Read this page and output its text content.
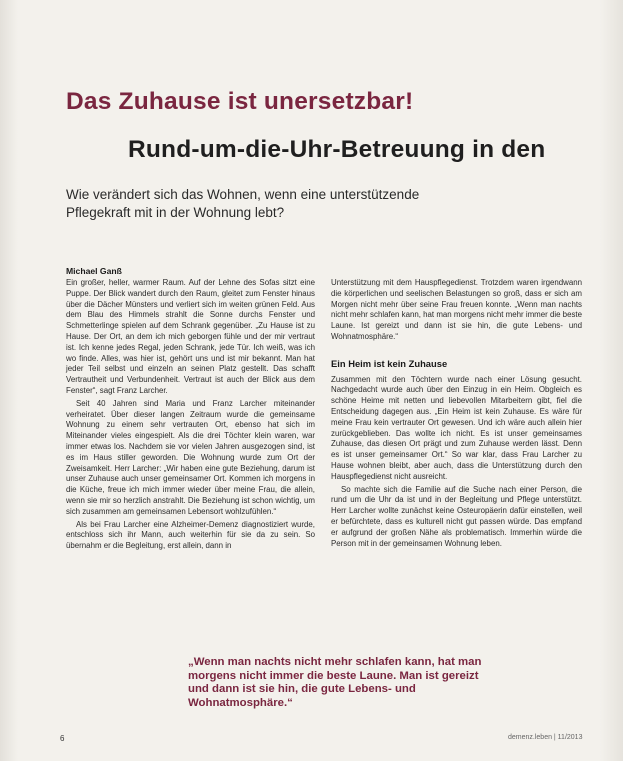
Das Zuhause ist unersetzbar!
Rund-um-die-Uhr-Betreuung in den

Wie verändert sich das Wohnen, wenn eine unterstützende Pflegekraft mit in der Wohnung lebt?

Michael Ganß

Ein großer, heller, warmer Raum. Auf der Lehne des Sofas sitzt eine Puppe. Der Blick wandert durch den Raum, gleitet zum Fenster hinaus über die Dächer Münsters und verliert sich im weiten grünen Feld. Aus dem Blau des Himmels strahlt die Sonne durchs Fenster und Schmetterlinge spielen auf dem Schrank gegenüber. „Zu Hause ist zu Hause. Der Ort, an dem ich mich geborgen fühle und der mir vertraut ist. Ich kenne jedes Regal, jeden Schrank, jede Tür. Ich weiß, was ich wo finde. Alles, was hier ist, gehört uns und ist mir bekannt. Man hat jeder Teil selbst und einzeln an seinen Platz gestellt. Das schafft Vertrautheit und Verbundenheit. Vertraut ist auch der Blick aus dem Fenster“, sagt Franz Larcher.

Seit 40 Jahren sind Maria und Franz Larcher miteinander verheiratet. Über dieser langen Zeitraum wurde die gemeinsame Wohnung zu einem sehr vertrauten Ort, ebenso hat sich im Miteinander vieles eingespielt. Als die drei Töchter klein waren, war immer etwas los. Nachdem sie vor vielen Jahren ausgezogen sind, ist es im Haus stiller geworden. Die Wohnung wurde zum Ort der Zweisamkeit. Herr Larcher: „Wir haben eine gute Beziehung, darum ist unser Zuhause auch unser gemeinsamer Ort. Kommen ich morgens in die Küche, freue ich mich immer wieder über meine Frau, die allein, wenn sie mir so herzlich anstrahlt. Die Beziehung ist schon wichtig, um sich zusammen am gemeinsamen Lebensort wohlzufühlen.“

Als bei Frau Larcher eine Alzheimer-Demenz diagnostiziert wurde, entschloss sich ihr Mann, auch weiterhin für sie da zu sein. So übernahm er die Begleitung, erst allein, dann in

Unterstützung mit dem Hauspflegedienst. Trotzdem waren irgendwann die körperlichen und seelischen Belastungen so groß, dass er sich am Morgen nicht mehr über seine Frau freuen konnte. „Wenn man nachts nicht mehr schlafen kann, hat man morgens nicht mehr immer die beste Laune. Ist gereizt und dann ist sie hin, die gute Lebens- und Wohnatmosphäre.“

Ein Heim ist kein Zuhause

Zusammen mit den Töchtern wurde nach einer Lösung gesucht. Nachgedacht wurde auch über den Einzug in ein Heim. Obgleich es schöne Heime mit netten und liebevollen Mitarbeitern gibt, fiel die Entscheidung dagegen aus. „Ein Heim ist kein Zuhause. Es wäre für meine Frau kein vertrauter Ort gewesen. Und ich wäre auch allein hier zurückgeblieben. Das wollte ich nicht. Es ist unser gemeinsames Zuhause, das diesen Ort prägt und zum Zuhause werden lässt. Denn es ist unser gemeinsamer Ort.“ So war klar, dass Frau Larcher zu Hause wohnen bleibt, aber auch, dass die Unterstützung durch den Hauspflegedienst nicht ausreicht.

So machte sich die Familie auf die Suche nach einer Person, die rund um die Uhr da ist und in der Begleitung und Pflege unterstützt. Herr Larcher wollte zunächst keine Osteuropäerin dafür einstellen, weil er befürchtete, dass es kulturell nicht gut passen würde. Das empfand er aufgrund der großen Nähe als problematisch. Immerhin würde die Person mit in der gemeinsamen Wohnung leben.

„Wenn man nachts nicht mehr schlafen kann, hat man morgens nicht immer die beste Laune. Man ist gereizt und dann ist sie hin, die gute Lebens- und Wohnatmosphäre.“

6	demenz.leben | 11/2013
